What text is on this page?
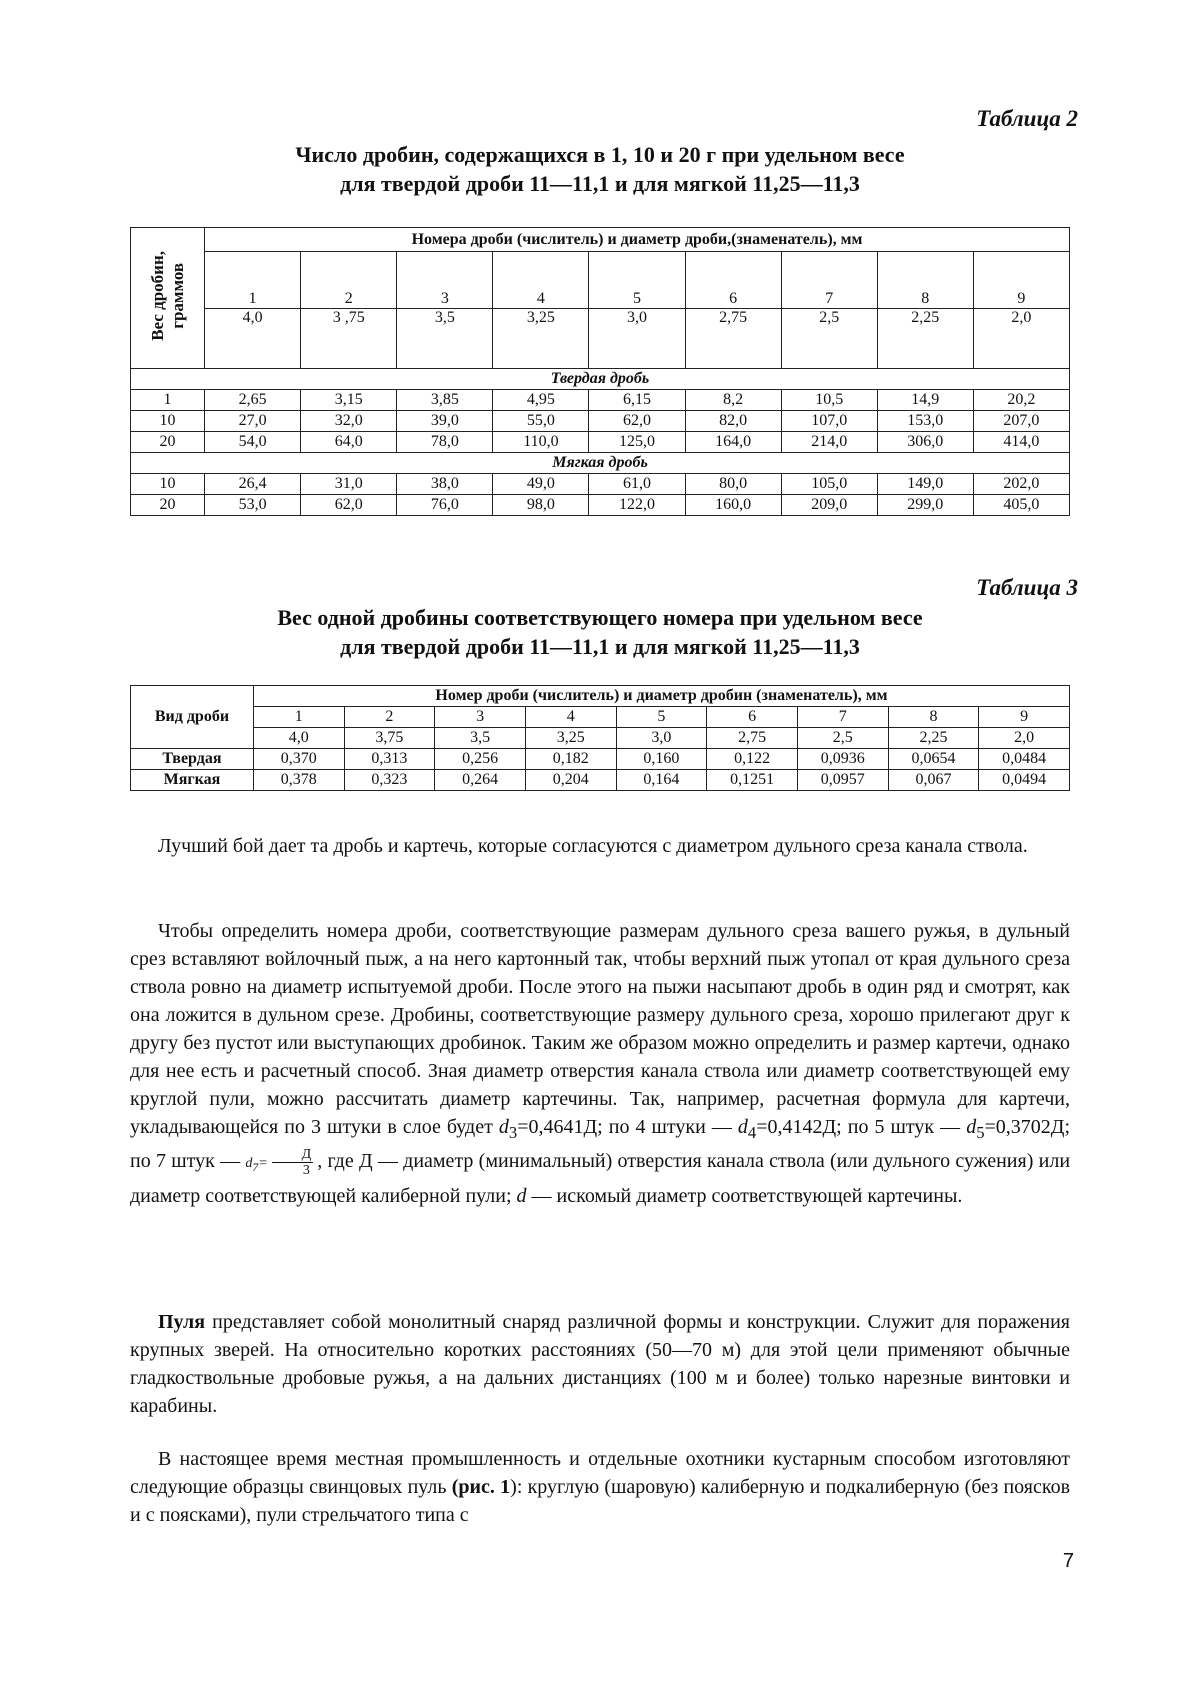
Таблица 2
Число дробин, содержащихся в 1, 10 и 20 г при удельном весе
для твердой дроби 11—11,1 и для мягкой 11,25—11,3
Вес дробин,
граммов	Номера дроби (числитель) и диаметр дроби,(знаменатель), мм								
	1	2	3	4	5	6	7	8	9
	4,0	3 ,75	3,5	3,25	3,0	2,75	2,5	2,25	2,0
Твердая дробь									
1	2,65	3,15	3,85	4,95	6,15	8,2	10,5	14,9	20,2
10	27,0	32,0	39,0	55,0	62,0	82,0	107,0	153,0	207,0
20	54,0	64,0	78,0	110,0	125,0	164,0	214,0	306,0	414,0
Мягкая дробь									
10	26,4	31,0	38,0	49,0	61,0	80,0	105,0	149,0	202,0
20	53,0	62,0	76,0	98,0	122,0	160,0	209,0	299,0	405,0
Таблица 3
Вес одной дробины соответствующего номера при удельном весе
для твердой дроби 11—11,1 и для мягкой 11,25—11,3
Вид дроби	Номер дроби (числитель) и диаметр дробин (знаменатель), мм								
	1	2	3	4	5	6	7	8	9
	4,0	3,75	3,5	3,25	3,0	2,75	2,5	2,25	2,0
Твердая	0,370	0,313	0,256	0,182	0,160	0,122	0,0936	0,0654	0,0484
Мягкая	0,378	0,323	0,264	0,204	0,164	0,1251	0,0957	0,067	0,0494

Лучший бой дает та дробь и картечь, которые согласуются с диаметром дульного среза канала ствола.

Чтобы определить номера дроби, соответствующие размерам дульного среза вашего ружья, в дульный срез вставляют войлочный пыж, а на него картонный так, чтобы верхний пыж утопал от края дульного среза ствола ровно на диаметр испытуемой дроби. После этого на пыжи насыпают дробь в один ряд и смотрят, как она ложится в дульном срезе. Дробины, соответствующие размеру дульного среза, хорошо прилегают друг к другу без пустот или выступающих дробинок. Таким же образом можно определить и размер картечи, однако для нее есть и расчетный способ. Зная диаметр отверстия канала ствола или диаметр соответствующей ему круглой пули, можно рассчитать диаметр картечины. Так, например, расчетная формула для картечи, укладывающейся по 3 штуки в слое будет $d_3=0,4641Д$; по 4 штуки — $d_4=0,4142Д$; по 5 штук — $d_5=0,3702Д$; по 7 штук — $d_7= \frac{Д}{3}$ , где Д — диаметр (минимальный) отверстия канала ствола (или дульного сужения) или диаметр соответствующей калиберной пули; d — искомый диаметр соответствующей картечины.

Пуля представляет собой монолитный снаряд различной формы и конструкции. Служит для поражения крупных зверей. На относительно коротких расстояниях (50—70 м) для этой цели применяют обычные гладкоствольные дробовые ружья, а на дальних дистанциях (100 м и более) только нарезные винтовки и карабины.

В настоящее время местная промышленность и отдельные охотники кустарным способом изготовляют следующие образцы свинцовых пуль (рис. 1): круглую (шаровую) калиберную и подкалиберную (без поясков и с поясками), пули стрельчатого типа с

7
